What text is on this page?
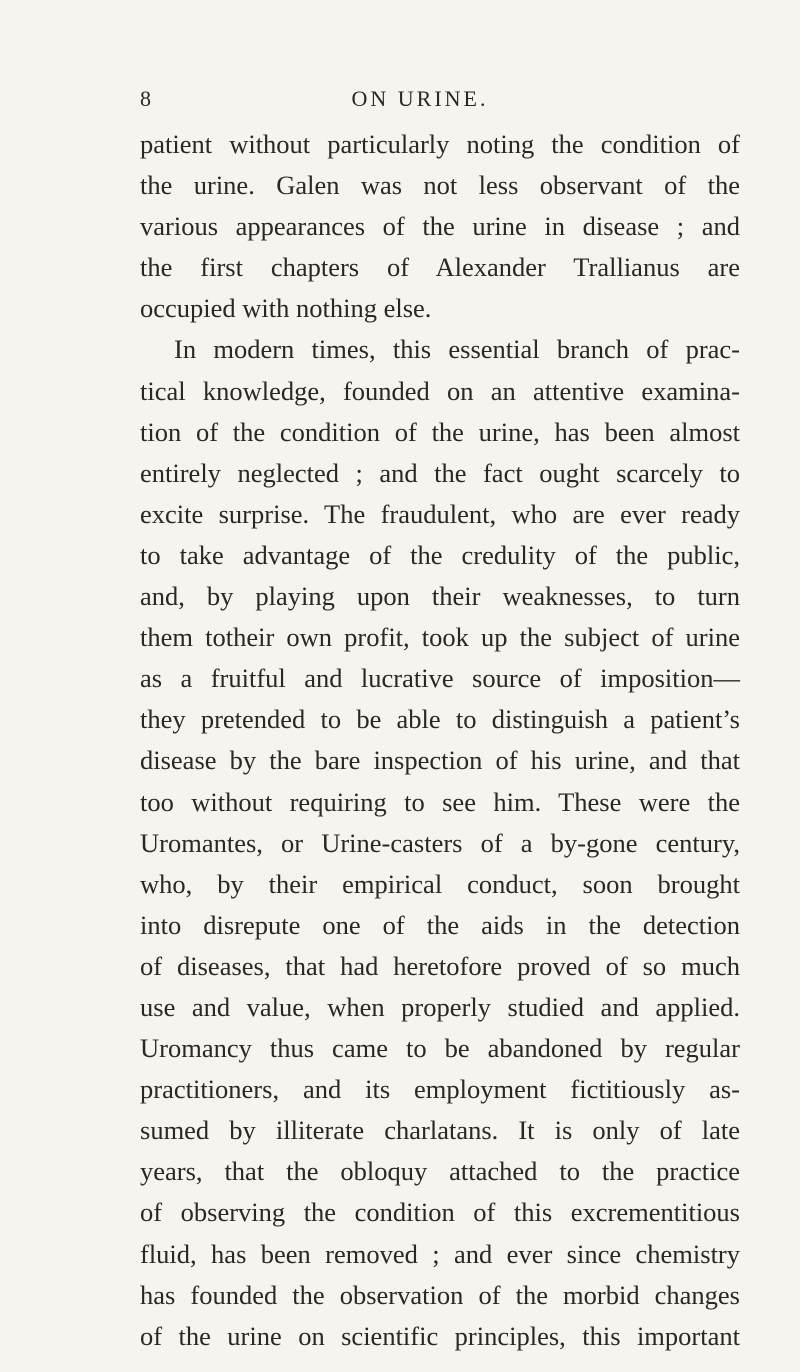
8	ON URINE.
patient without particularly noting the condition of
the urine. Galen was not less observant of the
various appearances of the urine in disease ; and
the first chapters of Alexander Trallianus are
occupied with nothing else.
In modern times, this essential branch of prac-
tical knowledge, founded on an attentive examina-
tion of the condition of the urine, has been almost
entirely neglected ; and the fact ought scarcely to
excite surprise. The fraudulent, who are ever ready
to take advantage of the credulity of the public,
and, by playing upon their weaknesses, to turn
them totheir own profit, took up the subject of urine
as a fruitful and lucrative source of imposition—
they pretended to be able to distinguish a patient’s
disease by the bare inspection of his urine, and that
too without requiring to see him. These were the
Uromantes, or Urine-casters of a by-gone century,
who, by their empirical conduct, soon brought
into disrepute one of the aids in the detection
of diseases, that had heretofore proved of so much
use and value, when properly studied and applied.
Uromancy thus came to be abandoned by regular
practitioners, and its employment fictitiously as-
sumed by illiterate charlatans. It is only of late
years, that the obloquy attached to the practice
of observing the condition of this excrementitious
fluid, has been removed ; and ever since chemistry
has founded the observation of the morbid changes
of the urine on scientific principles, this important
